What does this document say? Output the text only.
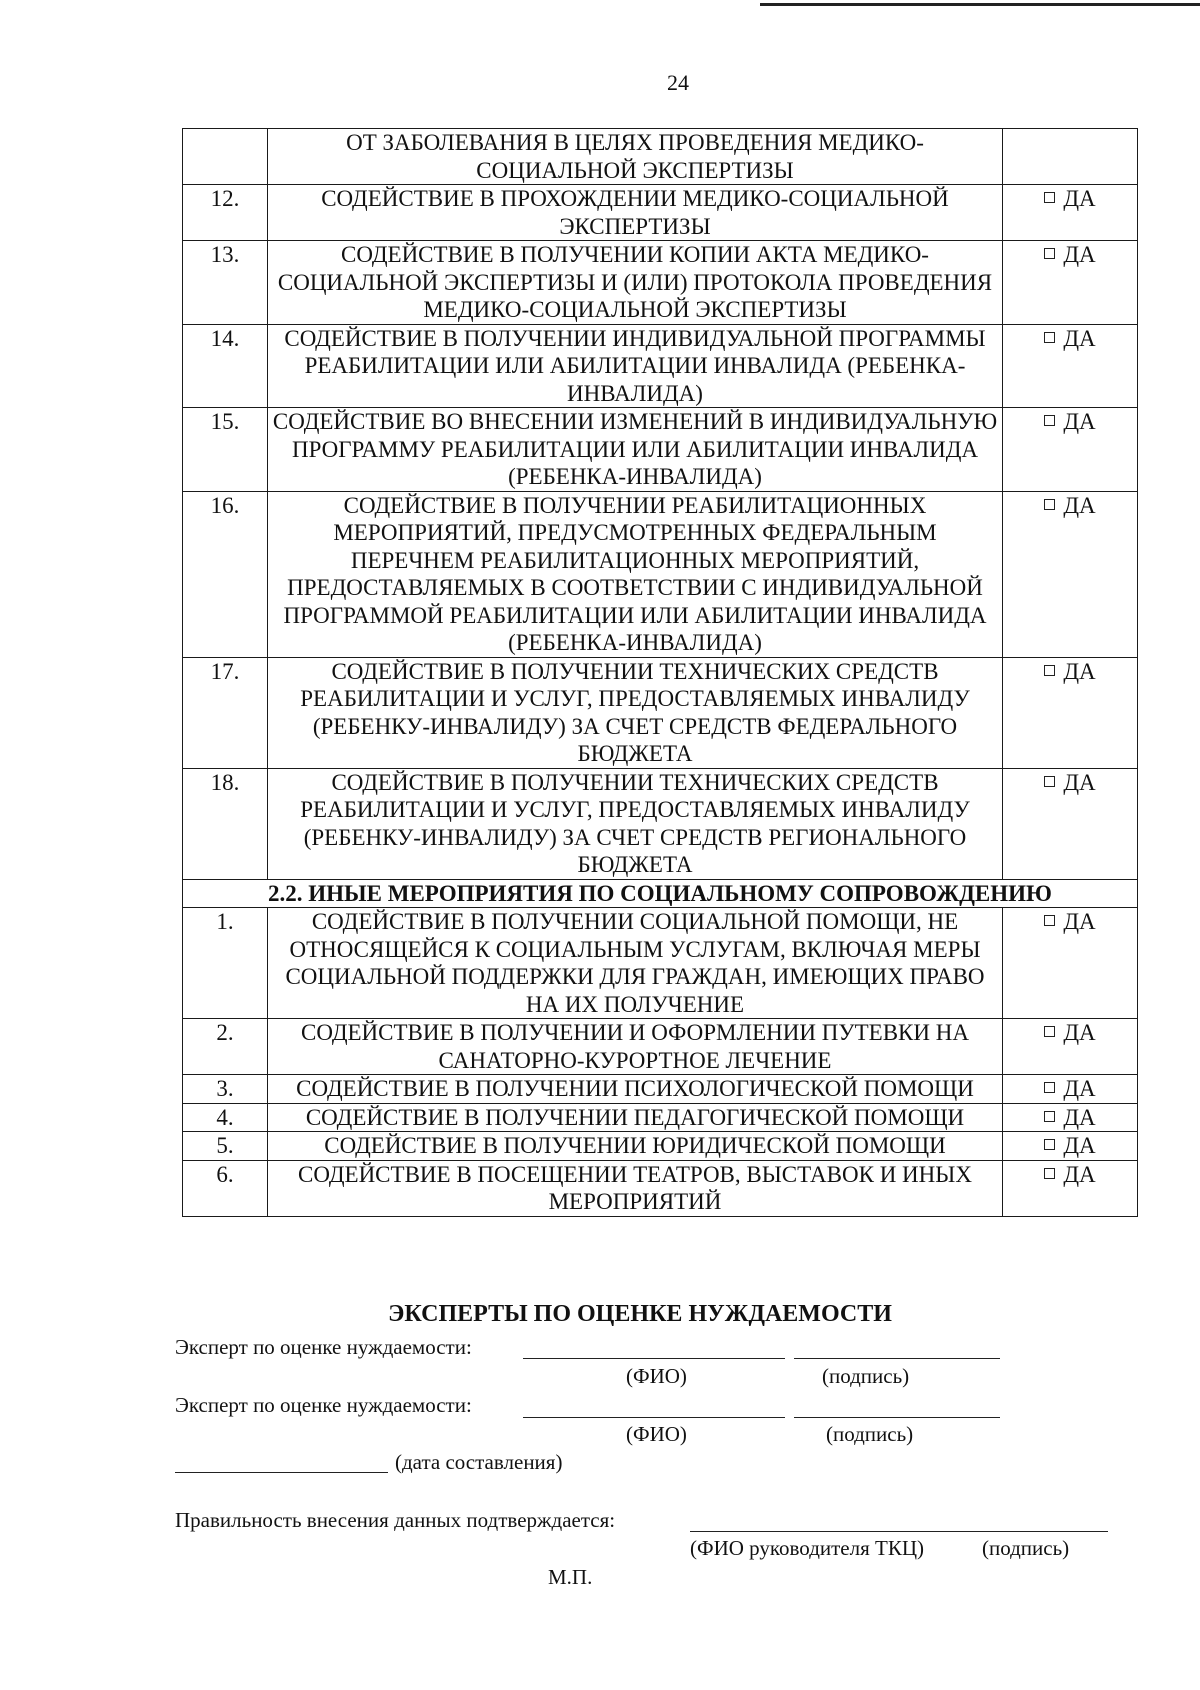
24
	ОТ ЗАБОЛЕВАНИЯ В ЦЕЛЯХ ПРОВЕДЕНИЯ МЕДИКО-СОЦИАЛЬНОЙ ЭКСПЕРТИЗЫ	
12.	СОДЕЙСТВИЕ В ПРОХОЖДЕНИИ МЕДИКО-СОЦИАЛЬНОЙ ЭКСПЕРТИЗЫ	ДА
13.	СОДЕЙСТВИЕ В ПОЛУЧЕНИИ КОПИИ АКТА МЕДИКО-СОЦИАЛЬНОЙ ЭКСПЕРТИЗЫ И (ИЛИ) ПРОТОКОЛА ПРОВЕДЕНИЯ МЕДИКО-СОЦИАЛЬНОЙ ЭКСПЕРТИЗЫ	ДА
14.	СОДЕЙСТВИЕ В ПОЛУЧЕНИИ ИНДИВИДУАЛЬНОЙ ПРОГРАММЫ РЕАБИЛИТАЦИИ ИЛИ АБИЛИТАЦИИ ИНВАЛИДА (РЕБЕНКА-ИНВАЛИДА)	ДА
15.	СОДЕЙСТВИЕ ВО ВНЕСЕНИИ ИЗМЕНЕНИЙ В ИНДИВИДУАЛЬНУЮ ПРОГРАММУ РЕАБИЛИТАЦИИ ИЛИ АБИЛИТАЦИИ ИНВАЛИДА (РЕБЕНКА-ИНВАЛИДА)	ДА
16.	СОДЕЙСТВИЕ В ПОЛУЧЕНИИ РЕАБИЛИТАЦИОННЫХ МЕРОПРИЯТИЙ, ПРЕДУСМОТРЕННЫХ ФЕДЕРАЛЬНЫМ ПЕРЕЧНЕМ РЕАБИЛИТАЦИОННЫХ МЕРОПРИЯТИЙ, ПРЕДОСТАВЛЯЕМЫХ В СООТВЕТСТВИИ С ИНДИВИДУАЛЬНОЙ ПРОГРАММОЙ РЕАБИЛИТАЦИИ ИЛИ АБИЛИТАЦИИ ИНВАЛИДА (РЕБЕНКА-ИНВАЛИДА)	ДА
17.	СОДЕЙСТВИЕ В ПОЛУЧЕНИИ ТЕХНИЧЕСКИХ СРЕДСТВ РЕАБИЛИТАЦИИ И УСЛУГ, ПРЕДОСТАВЛЯЕМЫХ ИНВАЛИДУ (РЕБЕНКУ-ИНВАЛИДУ) ЗА СЧЕТ СРЕДСТВ ФЕДЕРАЛЬНОГО БЮДЖЕТА	ДА
18.	СОДЕЙСТВИЕ В ПОЛУЧЕНИИ ТЕХНИЧЕСКИХ СРЕДСТВ РЕАБИЛИТАЦИИ И УСЛУГ, ПРЕДОСТАВЛЯЕМЫХ ИНВАЛИДУ (РЕБЕНКУ-ИНВАЛИДУ) ЗА СЧЕТ СРЕДСТВ РЕГИОНАЛЬНОГО БЮДЖЕТА	ДА
2.2. ИНЫЕ МЕРОПРИЯТИЯ ПО СОЦИАЛЬНОМУ СОПРОВОЖДЕНИЮ		
1.	СОДЕЙСТВИЕ В ПОЛУЧЕНИИ СОЦИАЛЬНОЙ ПОМОЩИ, НЕ ОТНОСЯЩЕЙСЯ К СОЦИАЛЬНЫМ УСЛУГАМ, ВКЛЮЧАЯ МЕРЫ СОЦИАЛЬНОЙ ПОДДЕРЖКИ ДЛЯ ГРАЖДАН, ИМЕЮЩИХ ПРАВО НА ИХ ПОЛУЧЕНИЕ	ДА
2.	СОДЕЙСТВИЕ В ПОЛУЧЕНИИ И ОФОРМЛЕНИИ ПУТЕВКИ НА САНАТОРНО-КУРОРТНОЕ ЛЕЧЕНИЕ	ДА
3.	СОДЕЙСТВИЕ В ПОЛУЧЕНИИ ПСИХОЛОГИЧЕСКОЙ ПОМОЩИ	ДА
4.	СОДЕЙСТВИЕ В ПОЛУЧЕНИИ ПЕДАГОГИЧЕСКОЙ ПОМОЩИ	ДА
5.	СОДЕЙСТВИЕ В ПОЛУЧЕНИИ ЮРИДИЧЕСКОЙ ПОМОЩИ	ДА
6.	СОДЕЙСТВИЕ В ПОСЕЩЕНИИ ТЕАТРОВ, ВЫСТАВОК И ИНЫХ МЕРОПРИЯТИЙ	ДА
ЭКСПЕРТЫ ПО ОЦЕНКЕ НУЖДАЕМОСТИ
Эксперт по оценке нуждаемости:
(ФИО)	(подпись)
Эксперт по оценке нуждаемости:
(ФИО)	(подпись)
(дата составления)
Правильность внесения данных подтверждается:
(ФИО руководителя ТКЦ)	(подпись)
М.П.
